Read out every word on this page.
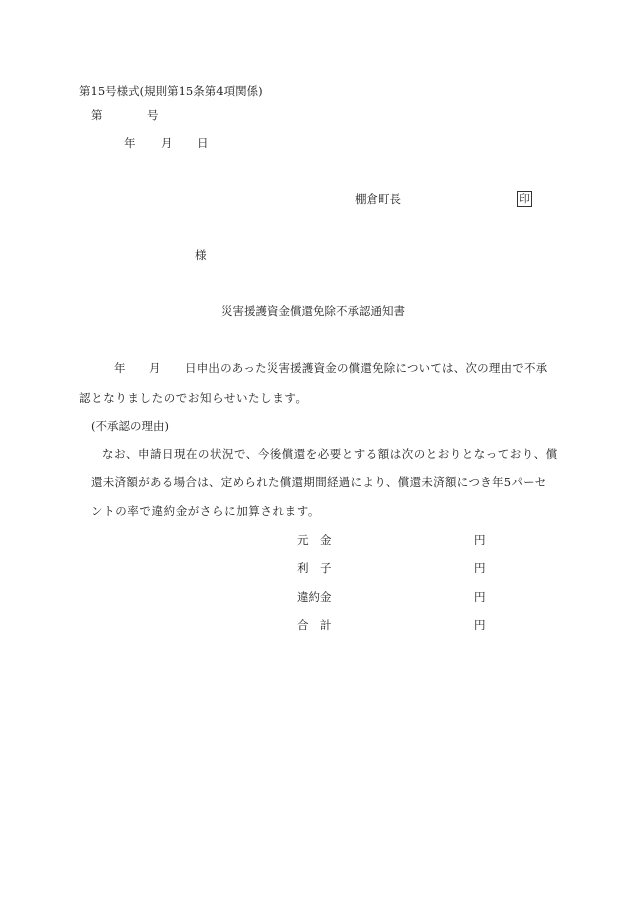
第15号様式(規則第15条第4項関係)
第	号
年 月 日
棚倉町長	印
様
災害援護資金償還免除不承認通知書
年 月 日申出のあった災害援護資金の償還免除については、次の理由で不承
認となりましたのでお知らせいたします。
(不承認の理由)
なお、申請日現在の状況で、今後償還を必要とする額は次のとおりとなっており、償
還未済額がある場合は、定められた償還期間経過により、償還未済額につき年5パーセ
ントの率で違約金がさらに加算されます。
元　金	円
利　子	円
違約金	円
合　計	円
